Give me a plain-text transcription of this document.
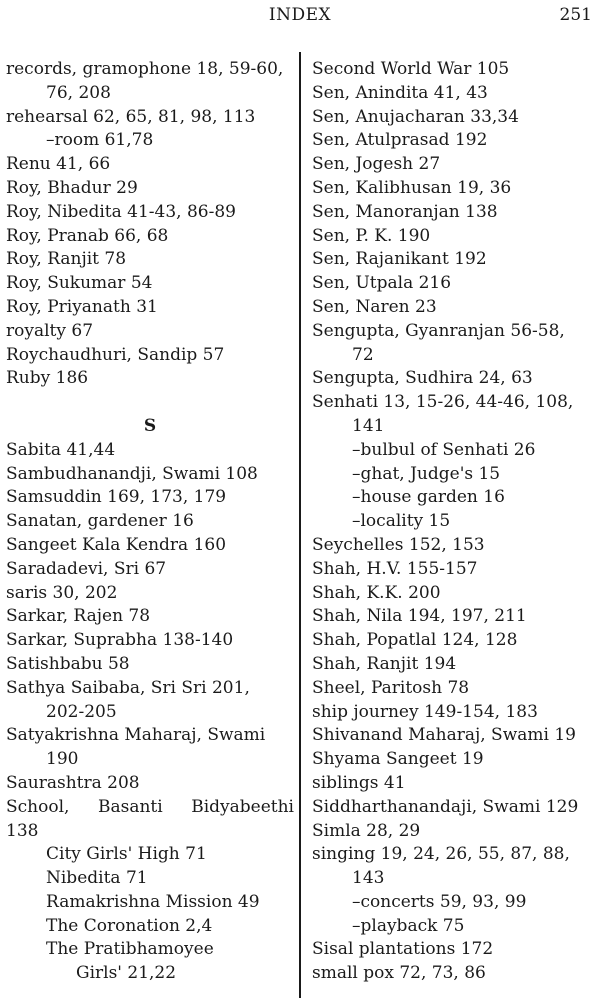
INDEX	251
records, gramophone 18, 59-60,
76, 208
rehearsal 62, 65, 81, 98, 113
–room 61,78
Renu 41, 66
Roy, Bhadur 29
Roy, Nibedita 41-43, 86-89
Roy, Pranab 66, 68
Roy, Ranjit 78
Roy, Sukumar 54
Roy, Priyanath 31
royalty 67
Roychaudhuri, Sandip 57
Ruby 186
S
Sabita 41,44
Sambudhanandji, Swami 108
Samsuddin 169, 173, 179
Sanatan, gardener 16
Sangeet Kala Kendra 160
Saradadevi, Sri 67
saris 30, 202
Sarkar, Rajen 78
Sarkar, Suprabha 138-140
Satishbabu 58
Sathya Saibaba, Sri Sri 201,
202-205
Satyakrishna Maharaj, Swami
190
Saurashtra 208
School, Basanti Bidyabeethi
138
City Girls' High 71
Nibedita 71
Ramakrishna Mission 49
The Coronation 2,4
The Pratibhamoyee
Girls' 21,22
Second World War 105
Sen, Anindita 41, 43
Sen, Anujacharan 33,34
Sen, Atulprasad 192
Sen, Jogesh 27
Sen, Kalibhusan 19, 36
Sen, Manoranjan 138
Sen, P. K. 190
Sen, Rajanikant 192
Sen, Utpala 216
Sen, Naren 23
Sengupta, Gyanranjan 56-58,
72
Sengupta, Sudhira 24, 63
Senhati 13, 15-26, 44-46, 108,
141
–bulbul of Senhati 26
–ghat, Judge's 15
–house garden 16
–locality 15
Seychelles 152, 153
Shah, H.V. 155-157
Shah, K.K. 200
Shah, Nila 194, 197, 211
Shah, Popatlal 124, 128
Shah, Ranjit 194
Sheel, Paritosh 78
ship journey 149-154, 183
Shivanand Maharaj, Swami 19
Shyama Sangeet 19
siblings 41
Siddharthanandaji, Swami 129
Simla 28, 29
singing 19, 24, 26, 55, 87, 88,
143
–concerts 59, 93, 99
–playback 75
Sisal plantations 172
small pox 72, 73, 86
